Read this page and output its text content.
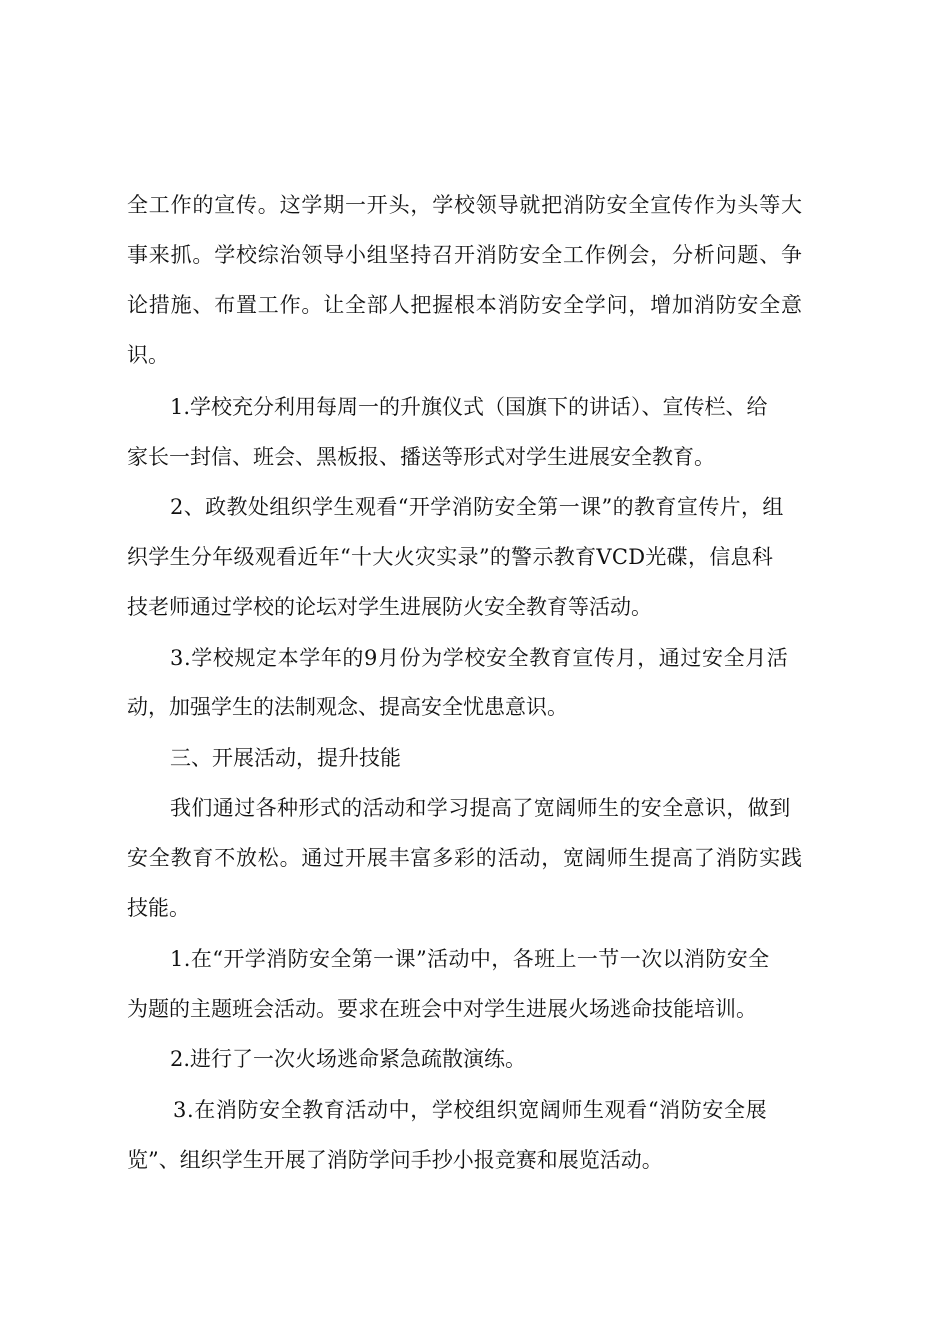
全工作的宣传。这学期一开头，学校领导就把消防安全宣传作为头等大
事来抓。学校综治领导小组坚持召开消防安全工作例会，分析问题、争
论措施、布置工作。让全部人把握根本消防安全学问，增加消防安全意
识。
1.学校充分利用每周一的升旗仪式（国旗下的讲话）、宣传栏、给
家长一封信、班会、黑板报、播送等形式对学生进展安全教育。
2、政教处组织学生观看“开学消防安全第一课”的教育宣传片，组
织学生分年级观看近年“十大火灾实录”的警示教育VCD光碟，信息科
技老师通过学校的论坛对学生进展防火安全教育等活动。
3.学校规定本学年的9月份为学校安全教育宣传月，通过安全月活
动，加强学生的法制观念、提高安全忧患意识。
三、开展活动，提升技能
我们通过各种形式的活动和学习提高了宽阔师生的安全意识，做到
安全教育不放松。通过开展丰富多彩的活动，宽阔师生提高了消防实践
技能。
1.在“开学消防安全第一课”活动中，各班上一节一次以消防安全
为题的主题班会活动。要求在班会中对学生进展火场逃命技能培训。
2.进行了一次火场逃命紧急疏散演练。
3.在消防安全教育活动中，学校组织宽阔师生观看“消防安全展
览”、组织学生开展了消防学问手抄小报竞赛和展览活动。
